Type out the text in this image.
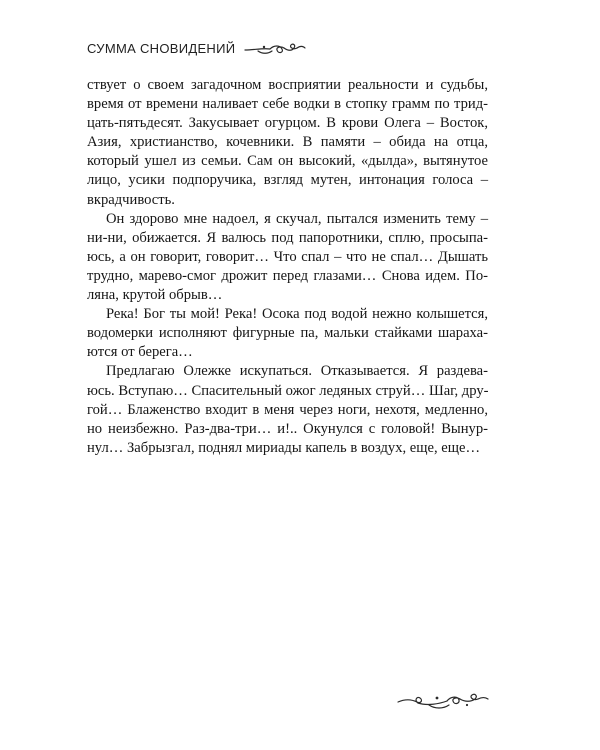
СУММА СНОВИДЕНИЙ

ствует о своем загадочном восприятии реальности и судьбы,
время от времени наливает себе водки в стопку грамм по трид-
цать-пятьдесят. Закусывает огурцом. В крови Олега – Восток,
Азия, христианство, кочевники. В памяти – обида на отца,
который ушел из семьи. Сам он высокий, «дылда», вытянутое
лицо, усики подпоручика, взгляд мутен, интонация голоса –
вкрадчивость.

Он здорово мне надоел, я скучал, пытался изменить тему –
ни-ни, обижается. Я валюсь под папоротники, сплю, просыпа-
юсь, а он говорит, говорит… Что спал – что не спал… Дышать
трудно, марево-смог дрожит перед глазами… Снова идем. По-
ляна, крутой обрыв…

Река! Бог ты мой! Река! Осока под водой нежно колышется,
водомерки исполняют фигурные па, мальки стайками шараха-
ются от берега…

Предлагаю Олежке искупаться. Отказывается. Я раздева-
юсь. Вступаю… Спасительный ожог ледяных струй… Шаг, дру-
гой… Блаженство входит в меня через ноги, нехотя, медленно,
но неизбежно. Раз-два-три… и!.. Окунулся с головой! Вынyр-
нул… Забрызгал, поднял мириады капель в воздух, еще, еще…
